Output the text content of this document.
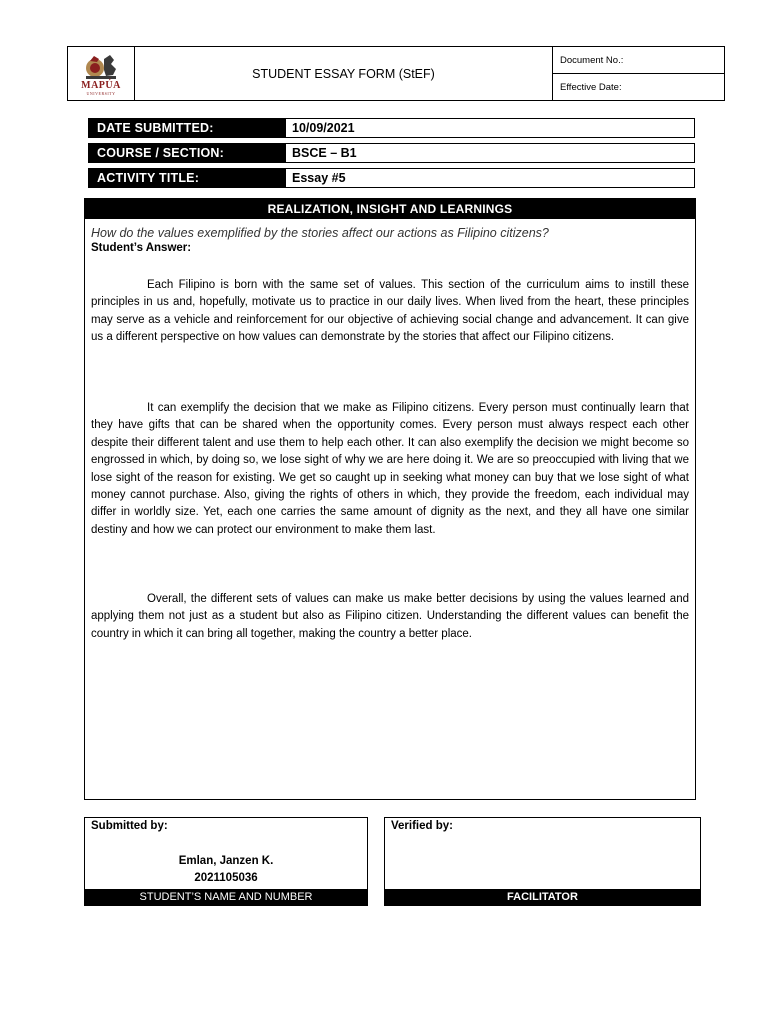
MAPÚA
UNIVERSITY
STUDENT ESSAY FORM (StEF)
Document No.:
Effective Date:
DATE SUBMITTED:	10/09/2021
COURSE / SECTION:	BSCE – B1
ACTIVITY TITLE:	Essay #5
REALIZATION, INSIGHT AND LEARNINGS
How do the values exemplified by the stories affect our actions as Filipino citizens?
Student’s Answer:

Each Filipino is born with the same set of values. This section of the curriculum aims to instill these principles in us and, hopefully, motivate us to practice in our daily lives. When lived from the heart, these principles may serve as a vehicle and reinforcement for our objective of achieving social change and advancement. It can give us a different perspective on how values can demonstrate by the stories that affect our Filipino citizens.

It can exemplify the decision that we make as Filipino citizens. Every person must continually learn that they have gifts that can be shared when the opportunity comes. Every person must always respect each other despite their different talent and use them to help each other. It can also exemplify the decision we might become so engrossed in which, by doing so, we lose sight of why we are here doing it. We are so preoccupied with living that we lose sight of the reason for existing. We get so caught up in seeking what money can buy that we lose sight of what money cannot purchase. Also, giving the rights of others in which, they provide the freedom, each individual may differ in worldly size. Yet, each one carries the same amount of dignity as the next, and they all have one similar destiny and how we can protect our environment to make them last.

Overall, the different sets of values can make us make better decisions by using the values learned and applying them not just as a student but also as Filipino citizen. Understanding the different values can benefit the country in which it can bring all together, making the country a better place.

Submitted by:
Emlan, Janzen K.
2021105036
STUDENT’S NAME AND NUMBER
Verified by:
FACILITATOR
